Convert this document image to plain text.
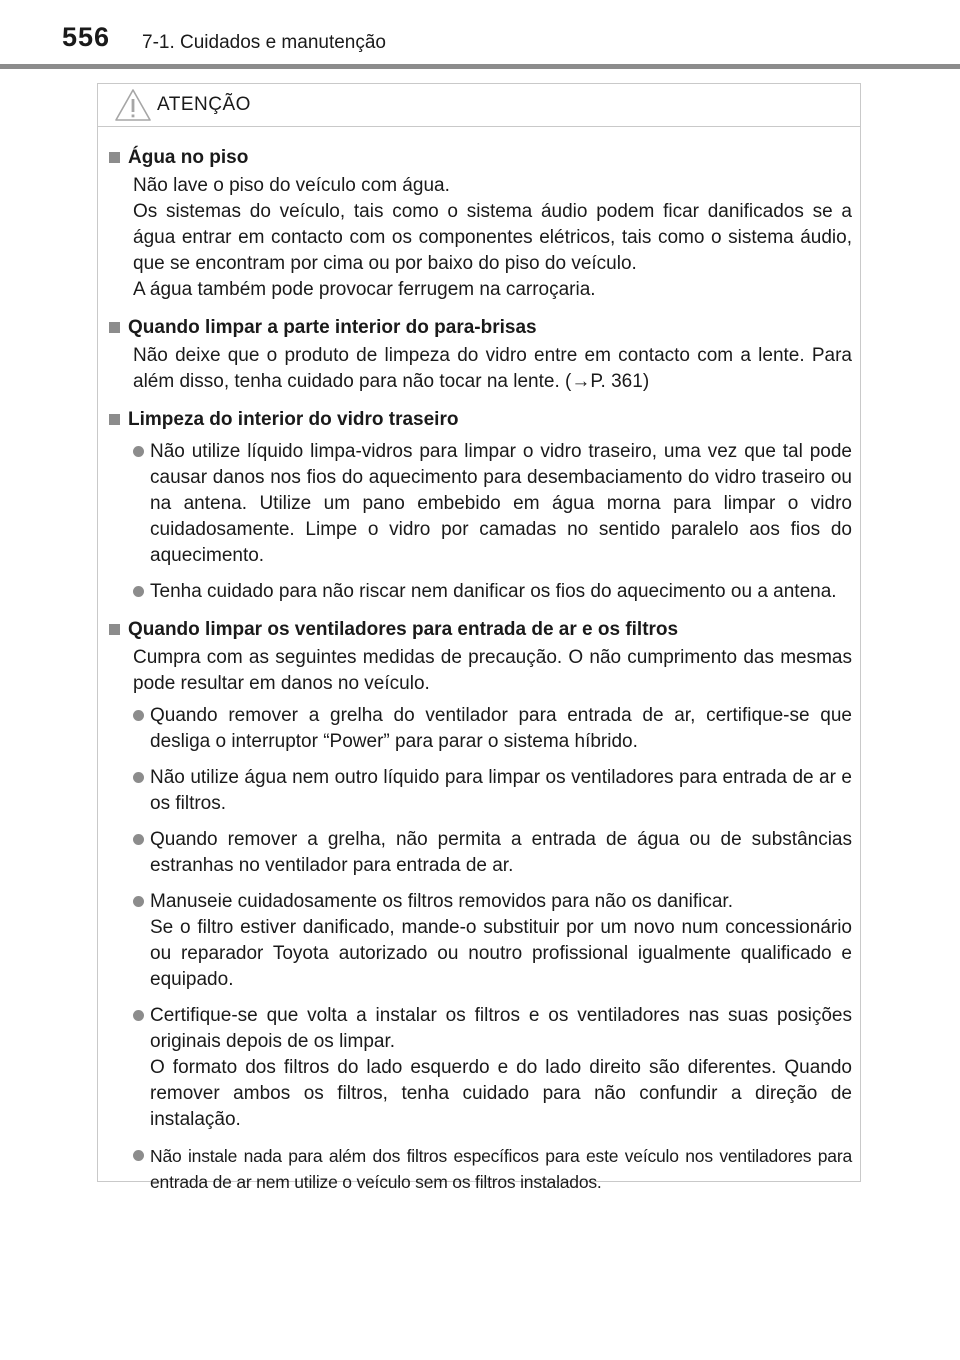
556 7-1. Cuidados e manutenção
ATENÇÃO
Água no piso

Não lave o piso do veículo com água.

Os sistemas do veículo, tais como o sistema áudio podem ficar danificados se a água entrar em contacto com os componentes elétricos, tais como o sistema áudio, que se encontram por cima ou por baixo do piso do veículo.

A água também pode provocar ferrugem na carroçaria.

Quando limpar a parte interior do para-brisas

Não deixe que o produto de limpeza do vidro entre em contacto com a lente. Para além disso, tenha cuidado para não tocar na lente. (→P. 361)

Limpeza do interior do vidro traseiro
Não utilize líquido limpa-vidros para limpar o vidro traseiro, uma vez que tal pode causar danos nos fios do aquecimento para desembaciamento do vidro traseiro ou na antena. Utilize um pano embebido em água morna para limpar o vidro cuidadosamente. Limpe o vidro por camadas no sentido paralelo aos fios do aquecimento.
Tenha cuidado para não riscar nem danificar os fios do aquecimento ou a antena.
Quando limpar os ventiladores para entrada de ar e os filtros

Cumpra com as seguintes medidas de precaução. O não cumprimento das mesmas pode resultar em danos no veículo.

Quando remover a grelha do ventilador para entrada de ar, certifique-se que desliga o interruptor “Power” para parar o sistema híbrido.
Não utilize água nem outro líquido para limpar os ventiladores para entrada de ar e os filtros.
Quando remover a grelha, não permita a entrada de água ou de substâncias estranhas no ventilador para entrada de ar.
Manuseie cuidadosamente os filtros removidos para não os danificar.
Se o filtro estiver danificado, mande-o substituir por um novo num concessionário ou reparador Toyota autorizado ou noutro profissional igualmente qualificado e equipado.
Certifique-se que volta a instalar os filtros e os ventiladores nas suas posições originais depois de os limpar.
O formato dos filtros do lado esquerdo e do lado direito são diferentes. Quando remover ambos os filtros, tenha cuidado para não confundir a direção de instalação.
Não instale nada para além dos filtros específicos para este veículo nos ventiladores para entrada de ar nem utilize o veículo sem os filtros instalados.
